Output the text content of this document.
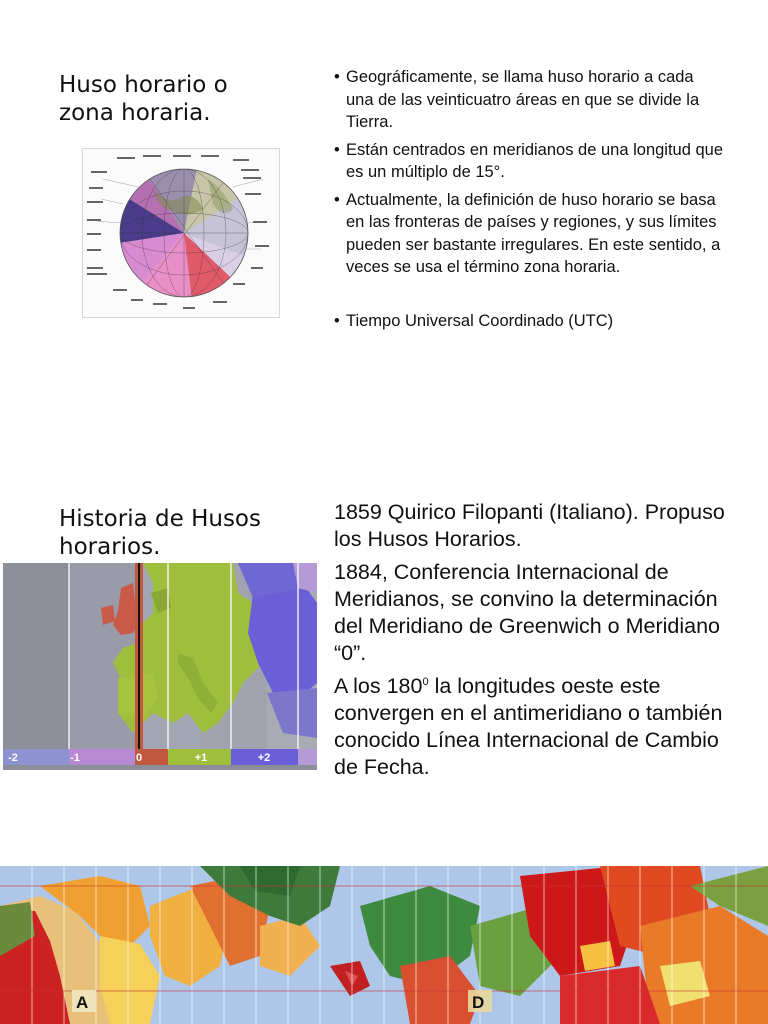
Huso horario o
zona horaria.
• Geográficamente, se llama huso horario a cada una de las veinticuatro áreas en que se divide la Tierra.
• Están centrados en meridianos de una longitud que es un múltiplo de 15°.
• Actualmente, la definición de huso horario se basa en las fronteras de países y regiones, y sus límites pueden ser bastante irregulares. En este sentido, a veces se usa el término zona horaria.
• Tiempo Universal Coordinado (UTC)
Historia de Husos
horarios.
-2	-1	0	+1	+2

1859 Quirico Filopanti (Italiano). Propuso los Husos Horarios.

1884, Conferencia Internacional de Meridianos, se convino la determinación del Meridiano de Greenwich o Meridiano “0”.

A los $180^0$ la longitudes oeste este convergen en el antimeridiano o también conocido Línea Internacional de Cambio de Fecha.

A	D
